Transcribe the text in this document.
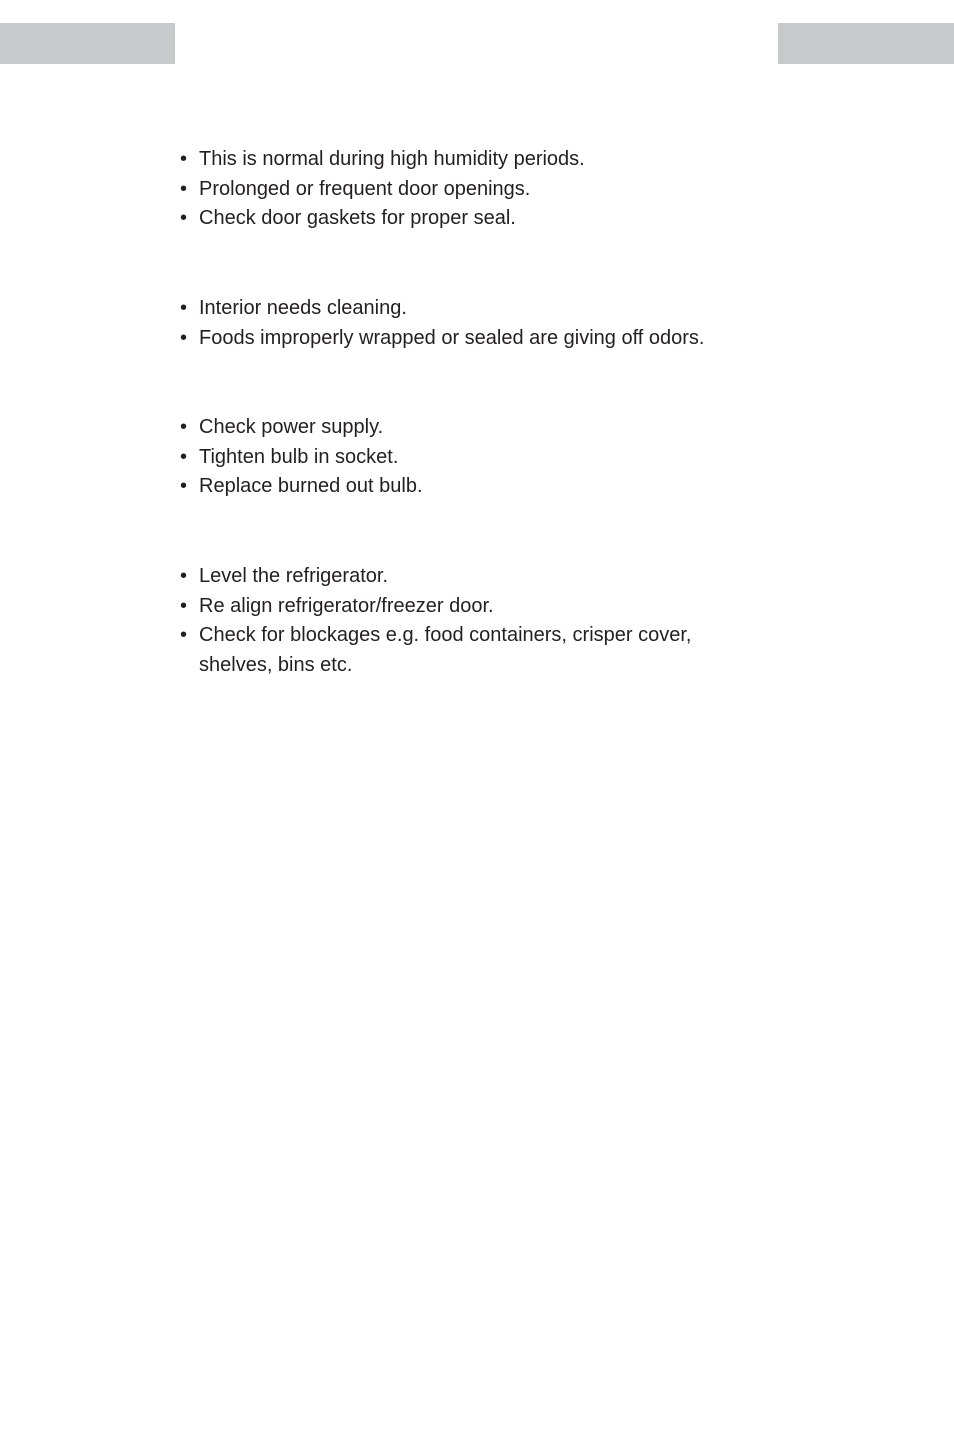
• This is normal during high humidity periods.
• Prolonged or frequent door openings.
• Check door gaskets for proper seal.
• Interior needs cleaning.
• Foods improperly wrapped or sealed are giving off odors.
• Check power supply.
• Tighten bulb in socket.
• Replace burned out bulb.
• Level the refrigerator.
• Re align refrigerator/freezer door.
• Check for blockages e.g. food containers, crisper cover, shelves, bins etc.
